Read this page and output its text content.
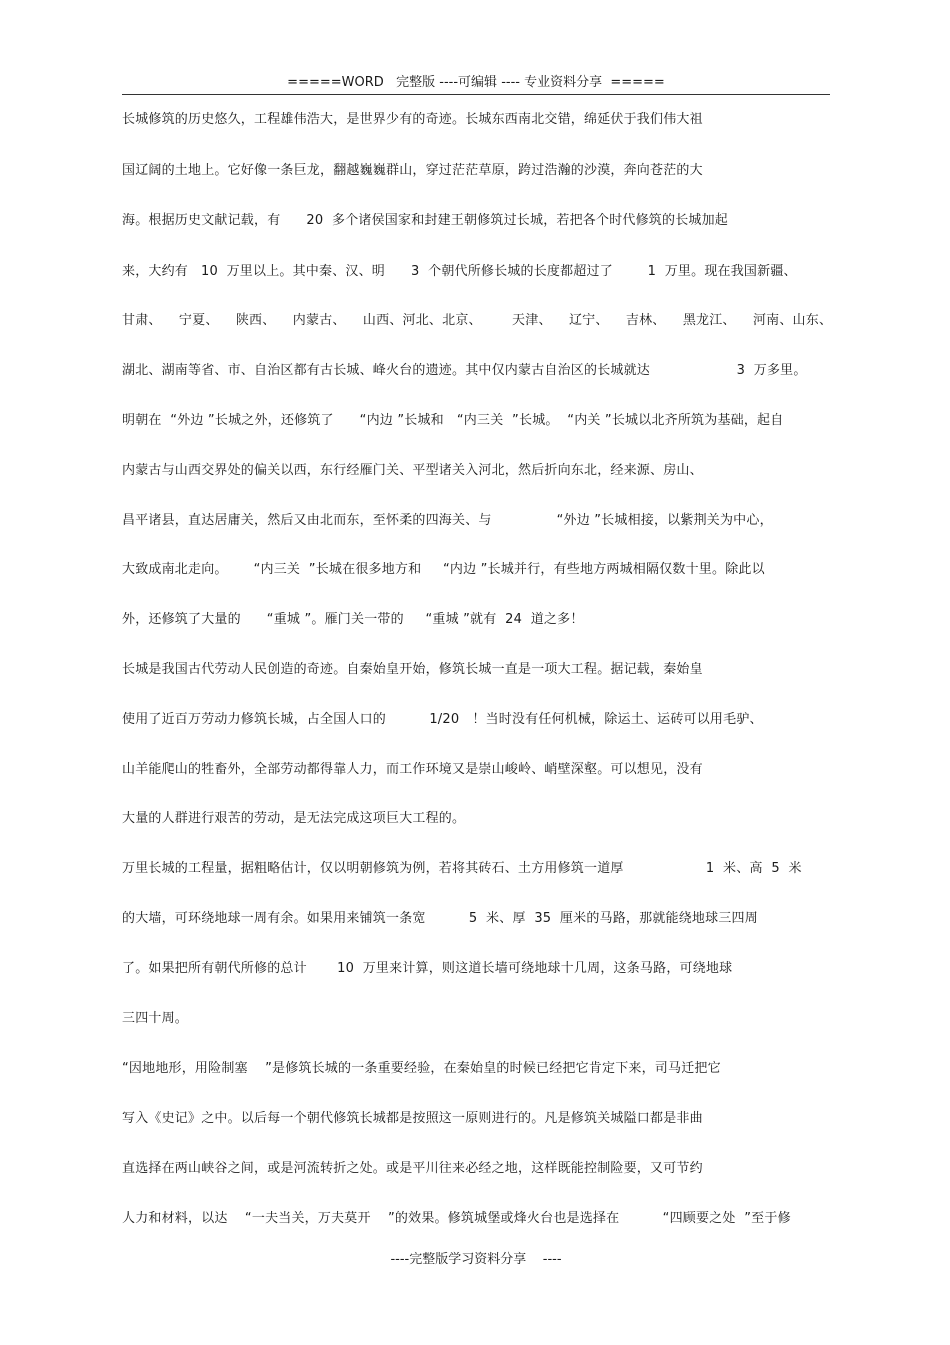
=====WORD   完整版 ----可编辑 ---- 专业资料分享  =====
长城修筑的历史悠久，工程雄伟浩大，是世界少有的奇迹。长城东西南北交错，绵延伏于我们伟大祖
国辽阔的土地上。它好像一条巨龙，翻越巍巍群山，穿过茫茫草原，跨过浩瀚的沙漠，奔向苍茫的大
海。根据历史文献记载，有      20  多个诸侯国家和封建王朝修筑过长城，若把各个时代修筑的长城加起
来，大约有   10  万里以上。其中秦、汉、明      3  个朝代所修长城的长度都超过了        1  万里。现在我国新疆、
甘肃、    宁夏、    陕西、    内蒙古、    山西、河北、北京、       天津、    辽宁、    吉林、    黑龙江、    河南、山东、
湖北、湖南等省、市、自治区都有古长城、峰火台的遗迹。其中仅内蒙古自治区的长城就达                    3  万多里。
明朝在  “外边 ”长城之外，还修筑了      “内边 ”长城和   “内三关  ”长城。  “内关 ”长城以北齐所筑为基础，起自
内蒙古与山西交界处的偏关以西，东行经雁门关、平型诸关入河北，然后折向东北，经来源、房山、
昌平诸县，直达居庸关，然后又由北而东，至怀柔的四海关、与               “外边 ”长城相接，以紫荆关为中心，
大致成南北走向。      “内三关  ”长城在很多地方和     “内边 ”长城并行，有些地方两城相隔仅数十里。除此以
外，还修筑了大量的      “重城 ”。雁门关一带的     “重城 ”就有  24  道之多！
长城是我国古代劳动人民创造的奇迹。自秦始皇开始，修筑长城一直是一项大工程。据记载，秦始皇
使用了近百万劳动力修筑长城，占全国人口的          1/20   ！当时没有任何机械，除运土、运砖可以用毛驴、
山羊能爬山的牲畜外，全部劳动都得靠人力，而工作环境又是崇山峻岭、峭壁深壑。可以想见，没有
大量的人群进行艰苦的劳动，是无法完成这项巨大工程的。
万里长城的工程量，据粗略估计，仅以明朝修筑为例，若将其砖石、土方用修筑一道厚                   1  米、高  5  米
的大墙，可环绕地球一周有余。如果用来铺筑一条宽          5  米、厚  35  厘米的马路，那就能绕地球三四周
了。如果把所有朝代所修的总计       10  万里来计算，则这道长墙可绕地球十几周，这条马路，可绕地球
三四十周。
“因地地形，用险制塞    ”是修筑长城的一条重要经验，在秦始皇的时候已经把它肯定下来，司马迁把它
写入《史记》之中。以后每一个朝代修筑长城都是按照这一原则进行的。凡是修筑关城隘口都是非曲
直选择在两山峡谷之间，或是河流转折之处。或是平川往来必经之地，这样既能控制险要，又可节约
人力和材料，以达    “一夫当关，万夫莫开    ”的效果。修筑城堡或烽火台也是选择在          “四顾要之处  ”至于修
----完整版学习资料分享    ----
